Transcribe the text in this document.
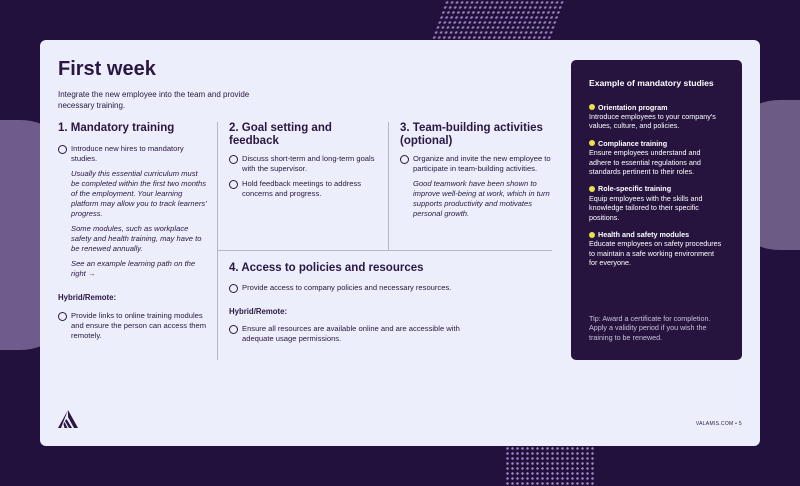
First week
Integrate the new employee into the team and provide necessary training.
1. Mandatory training
Introduce new hires to mandatory studies.
Usually this essential curriculum must be completed within the first two months of the employment. Your learning platform may allow you to track learners' progress.
Some modules, such as workplace safety and health training, may have to be renewed annually.
See an example learning path on the right →
Hybrid/Remote:
Provide links to online training modules and ensure the person can access them remotely.
2. Goal setting and feedback
Discuss short-term and long-term goals with the supervisor.
Hold feedback meetings to address concerns and progress.
3. Team-building activities (optional)
Organize and invite the new employee to participate in team-building activities.
Good teamwork have been shown to improve well-being at work, which in turn supports productivity and motivates personal growth.
4. Access to policies and resources
Provide access to company policies and necessary resources.
Hybrid/Remote:
Ensure all resources are available online and are accessible with adequate usage permissions.
Example of mandatory studies
Orientation program
Introduce employees to your company's values, culture, and policies.
Compliance training
Ensure employees understand and adhere to essential regulations and standards pertinent to their roles.
Role-specific training
Equip employees with the skills and knowledge tailored to their specific positions.
Health and safety modules
Educate employees on safety procedures to maintain a safe working environment for everyone.
Tip: Award a certificate for completion. Apply a validity period if you wish the training to be renewed.
VALAMIS.COM • 5
